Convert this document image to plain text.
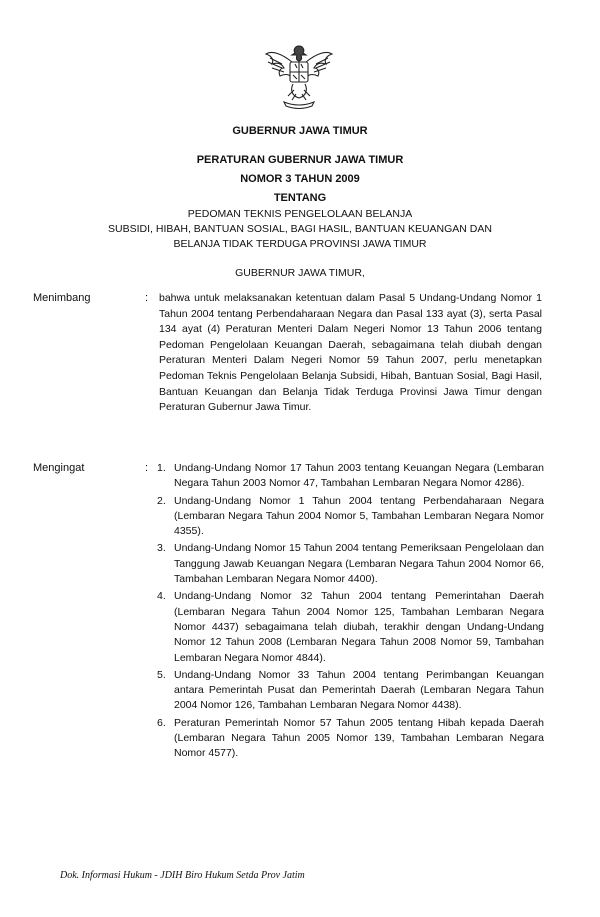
GUBERNUR JAWA TIMUR
PERATURAN GUBERNUR JAWA TIMUR
NOMOR 3 TAHUN 2009
TENTANG
PEDOMAN TEKNIS PENGELOLAAN BELANJA
SUBSIDI, HIBAH, BANTUAN SOSIAL, BAGI HASIL, BANTUAN KEUANGAN DAN
BELANJA TIDAK TERDUGA PROVINSI JAWA TIMUR
GUBERNUR JAWA TIMUR,
Menimbang	: bahwa untuk melaksanakan ketentuan dalam Pasal 5 Undang-Undang Nomor 1 Tahun 2004 tentang Perbendaharaan Negara dan Pasal 133 ayat (3), serta Pasal 134 ayat (4) Peraturan Menteri Dalam Negeri Nomor 13 Tahun 2006 tentang Pedoman Pengelolaan Keuangan Daerah, sebagaimana telah diubah dengan Peraturan Menteri Dalam Negeri Nomor 59 Tahun 2007, perlu menetapkan Pedoman Teknis Pengelolaan Belanja Subsidi, Hibah, Bantuan Sosial, Bagi Hasil, Bantuan Keuangan dan Belanja Tidak Terduga Provinsi Jawa Timur dengan Peraturan Gubernur Jawa Timur.

Mengingat	: 1. Undang-Undang Nomor 17 Tahun 2003 tentang Keuangan Negara (Lembaran Negara Tahun 2003 Nomor 47, Tambahan Lembaran Negara Nomor 4286).
2. Undang-Undang Nomor 1 Tahun 2004 tentang Perbendaharaan Negara (Lembaran Negara Tahun 2004 Nomor 5, Tambahan Lembaran Negara Nomor 4355).
3. Undang-Undang Nomor 15 Tahun 2004 tentang Pemeriksaan Pengelolaan dan Tanggung Jawab Keuangan Negara (Lembaran Negara Tahun 2004 Nomor 66, Tambahan Lembaran Negara Nomor 4400).
4. Undang-Undang Nomor 32 Tahun 2004 tentang Pemerintahan Daerah (Lembaran Negara Tahun 2004 Nomor 125, Tambahan Lembaran Negara Nomor 4437) sebagaimana telah diubah, terakhir dengan Undang-Undang Nomor 12 Tahun 2008 (Lembaran Negara Tahun 2008 Nomor 59, Tambahan Lembaran Negara Nomor 4844).
5. Undang-Undang Nomor 33 Tahun 2004 tentang Perimbangan Keuangan antara Pemerintah Pusat dan Pemerintah Daerah (Lembaran Negara Tahun 2004 Nomor 126, Tambahan Lembaran Negara Nomor 4438).
6. Peraturan Pemerintah Nomor 57 Tahun 2005 tentang Hibah kepada Daerah (Lembaran Negara Tahun 2005 Nomor 139, Tambahan Lembaran Negara Nomor 4577).
Dok. Informasi Hukum - JDIH Biro Hukum Setda Prov Jatim
